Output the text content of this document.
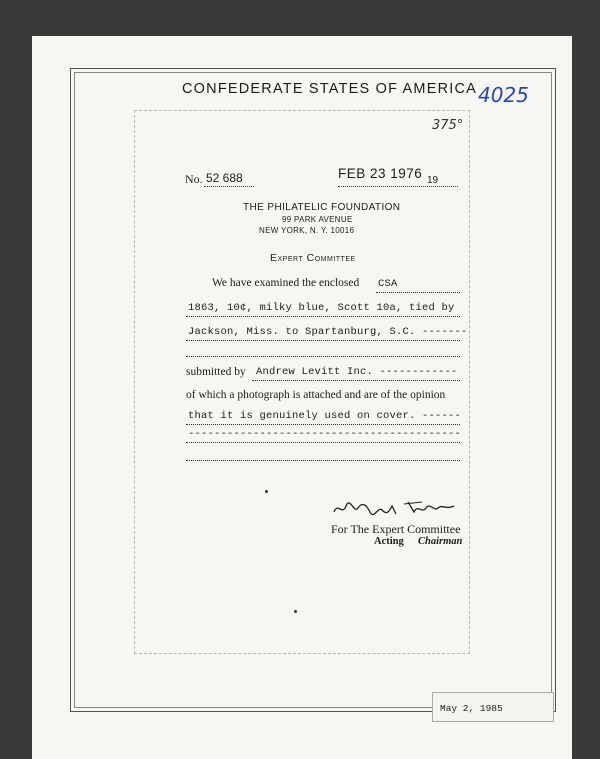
CONFEDERATE STATES OF AMERICA 4025
375°
No. 52 688	FEB 23 1976 19
THE PHILATELIC FOUNDATION
99 PARK AVENUE
NEW YORK, N. Y. 10016
Expert Committee
We have examined the enclosed CSA
1863, 10¢, milky blue, Scott 10a, tied by
Jackson, Miss. to Spartanburg, S.C. -------
submitted by Andrew Levitt Inc. ------------
of which a photograph is attached and are of the opinion
that it is genuinely used on cover. ------
------------------------------------------
For The Expert Committee
Acting Chairman
May 2, 1985
